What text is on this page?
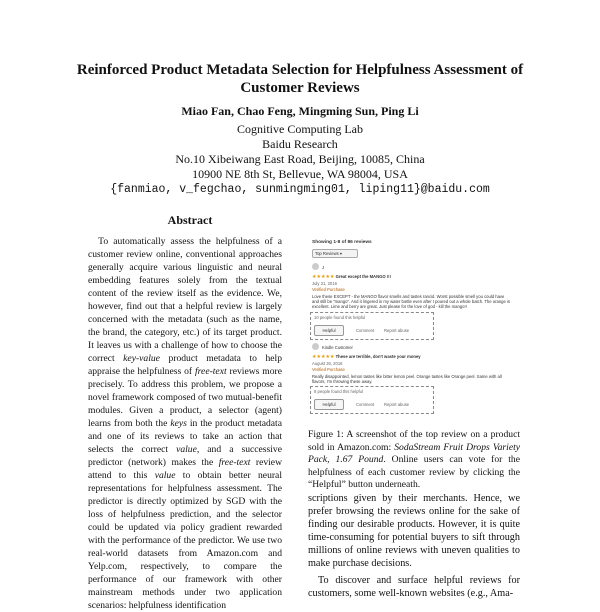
Reinforced Product Metadata Selection for Helpfulness Assessment of Customer Reviews
Miao Fan, Chao Feng, Mingming Sun, Ping Li
Cognitive Computing Lab
Baidu Research
No.10 Xibeiwang East Road, Beijing, 10085, China
10900 NE 8th St, Bellevue, WA 98004, USA
{fanmiao, v_fegchao, sunmingming01, liping11}@baidu.com
Abstract

To automatically assess the helpfulness of a customer review online, conventional approaches generally acquire various linguistic and neural embedding features solely from the textual content of the review itself as the evidence. We, however, find out that a helpful review is largely concerned with the metadata (such as the name, the brand, the category, etc.) of its target product. It leaves us with a challenge of how to choose the correct key-value product metadata to help appraise the helpfulness of free-text reviews more precisely. To address this problem, we propose a novel framework composed of two mutual-benefit modules. Given a product, a selector (agent) learns from both the keys in the product metadata and one of its reviews to take an action that selects the correct value, and a successive predictor (network) makes the free-text review attend to this value to obtain better neural representations for helpfulness assessment. The predictor is directly optimized by SGD with the loss of helpfulness prediction, and the selector could be updated via policy gradient rewarded with the performance of the predictor. We use two real-world datasets from Amazon.com and Yelp.com, respectively, to compare the performance of our framework with other mainstream methods under two application scenarios: helpfulness identification

Showing 1-8 of 86 reviews
Top Reviews ▾
J
★★★★★ Great except the MANGO !!!
July 31, 2016
Verified Purchase
Love these EXCEPT - the MANGO flavor smells and tastes rancid. Worst possible smell you could have and still be "mango". And it lingered in my water bottle even after I poured out a whole batch. The orange is excellent. Lime and berry are great. Just please for the love of god - kill the mango!!
10 people found this helpful
Helpful	Comment Report abuse
Kindle Customer
★★★★★ These are terrible, don't waste your money
August 26, 2016
Verified Purchase
Really disappointed, lemon tastes like bitter lemon peel. Orange tastes like Orange peel. Same with all flavors, I'm throwing these away.
8 people found this helpful
Helpful	Comment Report abuse
Figure 1: A screenshot of the top review on a product sold in Amazon.com: SodaStream Fruit Drops Variety Pack, 1.67 Pound. Online users can vote for the helpfulness of each customer review by clicking the “Helpful” button underneath.

scriptions given by their merchants. Hence, we prefer browsing the reviews online for the sake of finding our desirable products. However, it is quite time-consuming for potential buyers to sift through millions of online reviews with uneven qualities to make purchase decisions.

To discover and surface helpful reviews for customers, some well-known websites (e.g., Ama-
